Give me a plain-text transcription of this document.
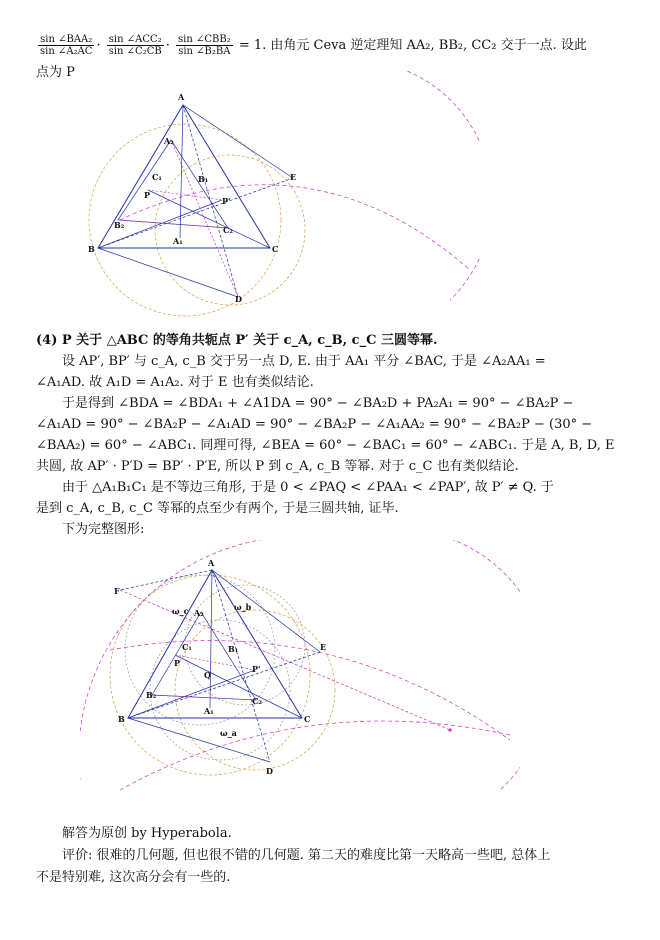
$\frac{\text{sin ∠BAA₂}}{\text{sin ∠A₂AC}} \cdot \frac{\text{sin ∠ACC₂}}{\text{sin ∠C₂CB}} \cdot \frac{\text{sin ∠CBB₂}}{\text{sin ∠B₂BA}} = 1$. 由角元 Ceva 逆定理知 AA₂, BB₂, CC₂ 交于一点. 设此
点为 P
A
A₂
C₁	B₁
P
P'
B₂	C₂
A₁
B	C
E
D
(4) P 关于 △ABC 的等角共轭点 P′ 关于 c_A, c_B, c_C 三圆等幂.
设 AP′, BP′ 与 c_A, c_B 交于另一点 D, E. 由于 AA₁ 平分 ∠BAC, 于是 ∠A₂AA₁ =
∠A₁AD. 故 A₁D = A₁A₂. 对于 E 也有类似结论.
于是得到 ∠BDA = ∠BDA₁ + ∠A1DA = 90° − ∠BA₂D + PA₂A₁ = 90° − ∠BA₂P −
∠A₁AD = 90° − ∠BA₂P − ∠A₁AD = 90° − ∠BA₂P − ∠A₁AA₂ = 90° − ∠BA₂P − (30° −
∠BAA₂) = 60° − ∠ABC₁. 同理可得, ∠BEA = 60° − ∠BAC₁ = 60° − ∠ABC₁. 于是 A, B, D, E
共圆, 故 AP′ · P′D = BP′ · P′E, 所以 P 到 c_A, c_B 等幂. 对于 c_C 也有类似结论.
由于 △A₁B₁C₁ 是不等边三角形, 于是 0 < ∠PAQ < ∠PAA₁ < ∠PAP′, 故 P′ ≠ Q. 于
是到 c_A, c_B, c_C 等幂的点至少有两个, 于是三圆共轴, 证毕.
下为完整图形:
A
F
ω_c	ω_b
A₂
C₁	B₁
P
Q
P'
E
B₂
C₂
A₁
ω_a
B	C
D
解答为原创 by Hyperabola.
评价: 很难的几何题, 但也很不错的几何题. 第二天的难度比第一天略高一些吧, 总体上
不是特别难, 这次高分会有一些的.
